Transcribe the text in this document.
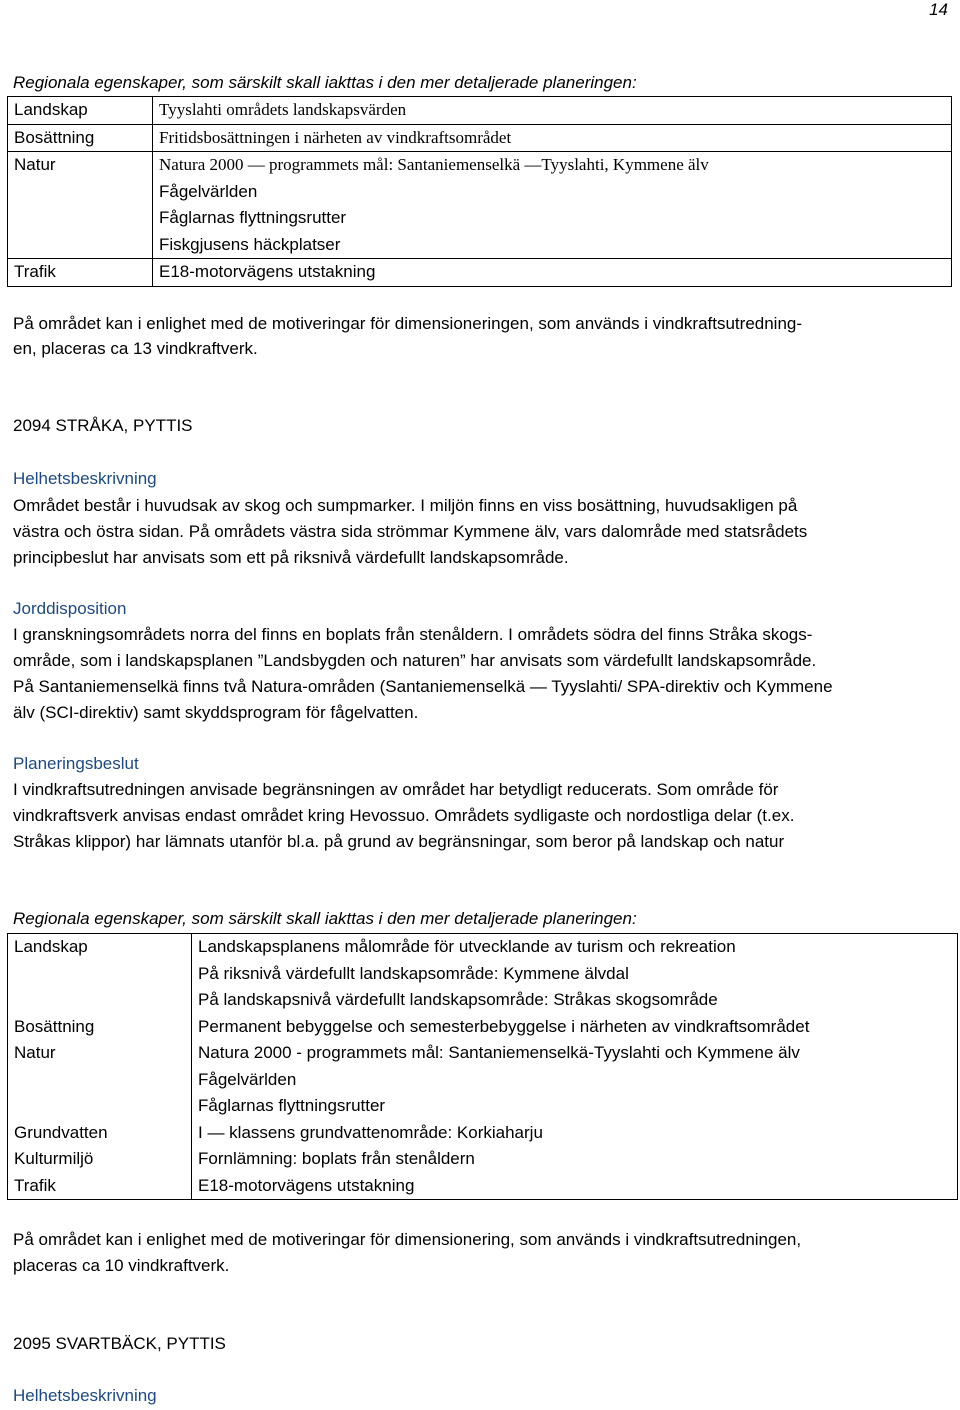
14
Regionala egenskaper, som särskilt skall iakttas i den mer detaljerade planeringen:
Landskap	Tyyslahti områdets landskapsvärden

Bosättning	Fritidsbosättningen i närheten av vindkraftsområdet

Natur	Natura 2000 — programmets mål: Santaniemenselkä —Tyyslahti, Kymmene älv
Fågelvärlden
Fåglarnas flyttningsrutter
Fiskgjusens häckplatser

Trafik	E18-motorvägens utstakning
På området kan i enlighet med de motiveringar för dimensioneringen, som används i vindkraftsutredning-
en, placeras ca 13 vindkraftverk.
2094 STRÅKA, PYTTIS
Helhetsbeskrivning
Området består i huvudsak av skog och sumpmarker. I miljön finns en viss bosättning, huvudsakligen på
västra och östra sidan. På områdets västra sida strömmar Kymmene älv, vars dalområde med statsrådets
principbeslut har anvisats som ett på riksnivå värdefullt landskapsområde.
Jorddisposition
I granskningsområdets norra del finns en boplats från stenåldern. I områdets södra del finns Stråka skogs-
område, som i landskapsplanen ”Landsbygden och naturen” har anvisats som värdefullt landskapsområde.
På Santaniemenselkä finns två Natura-områden (Santaniemenselkä — Tyyslahti/ SPA-direktiv och Kymmene
älv (SCI-direktiv) samt skyddsprogram för fågelvatten.
Planeringsbeslut
I vindkraftsutredningen anvisade begränsningen av området har betydligt reducerats. Som område för
vindkraftsverk anvisas endast området kring Hevossuo. Områdets sydligaste och nordostliga delar (t.ex.
Stråkas klippor) har lämnats utanför bl.a. på grund av begränsningar, som beror på landskap och natur
Regionala egenskaper, som särskilt skall iakttas i den mer detaljerade planeringen:
Landskap	Landskapsplanens målområde för utvecklande av turism och rekreation
På riksnivå värdefullt landskapsområde: Kymmene älvdal
På landskapsnivå värdefullt landskapsområde: Stråkas skogsområde

Bosättning	Permanent bebyggelse och semesterbebyggelse i närheten av vindkraftsområdet

Natur	Natura 2000 - programmets mål: Santaniemenselkä-Tyyslahti och Kymmene älv
Fågelvärlden
Fåglarnas flyttningsrutter

Grundvatten	I — klassens grundvattenområde: Korkiaharju

Kulturmiljö	Fornlämning: boplats från stenåldern

Trafik	E18-motorvägens utstakning
På området kan i enlighet med de motiveringar för dimensionering, som används i vindkraftsutredningen,
placeras ca 10 vindkraftverk.
2095 SVARTBÄCK, PYTTIS
Helhetsbeskrivning
